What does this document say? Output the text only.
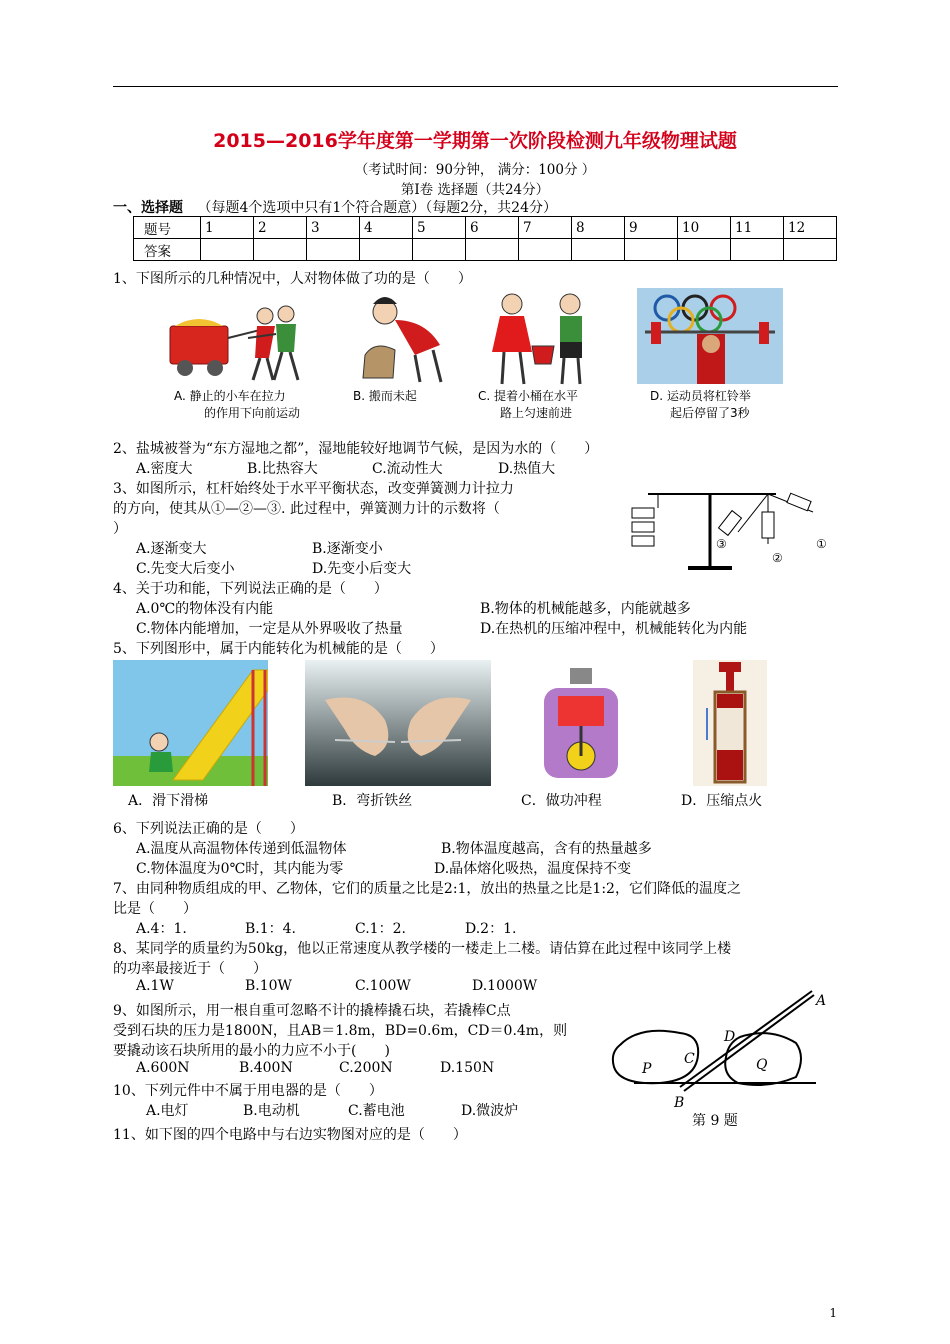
2015—2016学年度第一学期第一次阶段检测九年级物理试题
（考试时间：90分钟， 满分：100分 ）
第Ⅰ卷 选择题（共24分）
一、选择题 （每题4个选项中只有1个符合题意）（每题2分，共24分）
题号	1	2	3	4	5	6	7	8	9	10	11	12
答案												
1、下图所示的几种情况中，人对物体做了功的是（　　）
A. 静止的小车在拉力
的作用下向前运动
B. 搬而未起	C. 提着小桶在水平
路上匀速前进
D. 运动员将杠铃举
起后停留了3秒
2、盐城被誉为“东方湿地之都”，湿地能较好地调节气候，是因为水的（　　）
A.密度大	B.比热容大	C.流动性大	D.热值大
3、如图所示，杠杆始终处于水平平衡状态，改变弹簧测力计拉力
的方向，使其从①—②—③. 此过程中，弹簧测力计的示数将（
）
A.逐渐变大	B.逐渐变小
C.先变大后变小	D.先变小后变大
③
②
①
4、关于功和能，下列说法正确的是（　　）
A.0℃的物体没有内能	B.物体的机械能越多，内能就越多
C.物体内能增加，一定是从外界吸收了热量	D.在热机的压缩冲程中，机械能转化为内能
5、下列图形中，属于内能转化为机械能的是（　　）
A．滑下滑梯	B．弯折铁丝	C．做功冲程	D．压缩点火
6、下列说法正确的是（　　）
A.温度从高温物体传递到低温物体	B.物体温度越高，含有的热量越多
C.物体温度为0℃时，其内能为零	D.晶体熔化吸热，温度保持不变
7、由同种物质组成的甲、乙物体，它们的质量之比是2:1，放出的热量之比是1:2，它们降低的温度之
比是（　　）
A.4：1.	B.1：4.	C.1：2.	D.2：1.
8、某同学的质量约为50kg，他以正常速度从教学楼的一楼走上二楼。请估算在此过程中该同学上楼
的功率最接近于（　　）
A.1W	B.10W	C.100W	D.1000W
9、如图所示，用一根自重可忽略不计的撬棒撬石块，若撬棒C点
受到石块的压力是1800N，且AB＝1.8m，BD=0.6m，CD＝0.4m，则
要撬动该石块所用的最小的力应不小于(　　)
A.600N	B.400N	C.200N	D.150N
A
D
C
P	Q
B
第 9 题
10、下列元件中不属于用电器的是（　　）
A.电灯	B.电动机	C.蓄电池	D.微波炉
11、如下图的四个电路中与右边实物图对应的是（　　）
1
